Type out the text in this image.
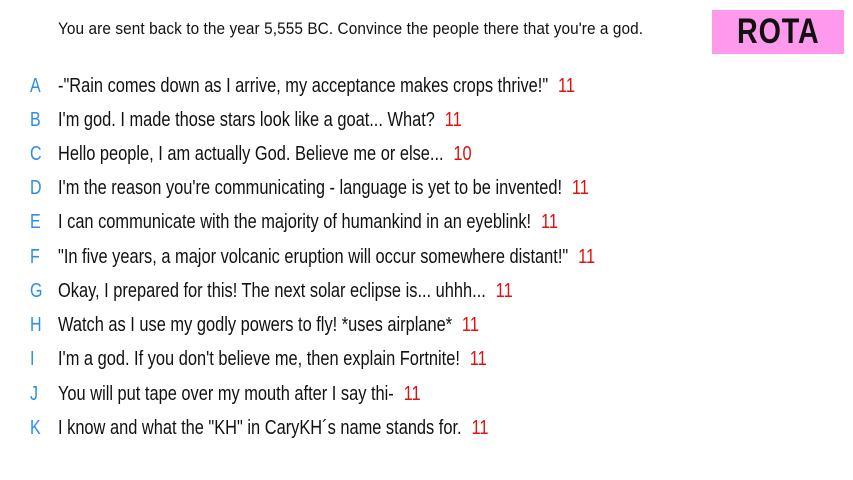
You are sent back to the year 5,555 BC. Convince the people there that you're a god.	ROTA
A -"Rain comes down as I arrive, my acceptance makes crops thrive!" 11
B I'm god. I made those stars look like a goat... What? 11
C Hello people, I am actually God. Believe me or else... 10
D I'm the reason you're communicating - language is yet to be invented! 11
E I can communicate with the majority of humankind in an eyeblink! 11
F "In five years, a major volcanic eruption will occur somewhere distant!" 11
G Okay, I prepared for this! The next solar eclipse is... uhhh... 11
H Watch as I use my godly powers to fly! *uses airplane* 11
I I'm a god. If you don't believe me, then explain Fortnite! 11
J You will put tape over my mouth after I say thi- 11
K I know and what the "KH" in CaryKH´s name stands for. 11
